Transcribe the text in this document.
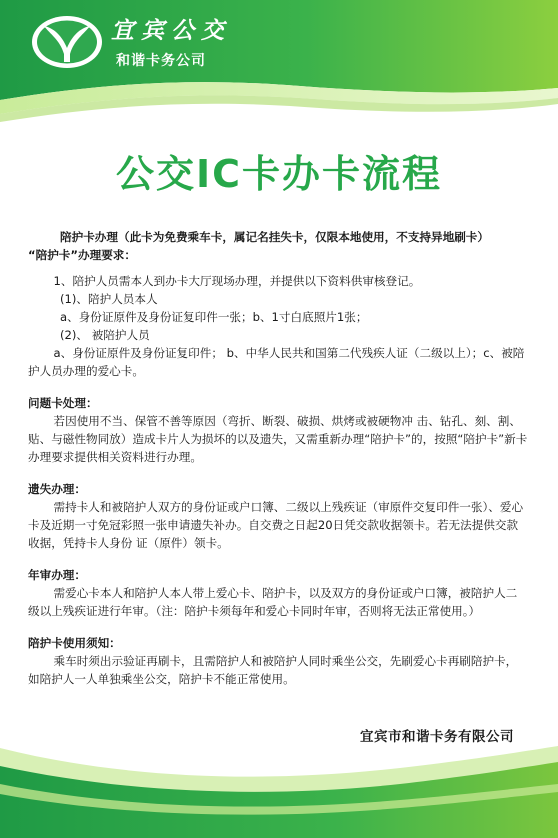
宜宾公交
和谐卡务公司
公交IC卡办卡流程

陪护卡办理（此卡为免费乘车卡，属记名挂失卡，仅限本地使用，不支持异地刷卡）

“陪护卡”办理要求：

1、陪护人员需本人到办卡大厅现场办理，并提供以下资料供审核登记。

(1)、陪护人员本人

a、身份证原件及身份证复印件一张；b、1寸白底照片1张；

(2)、 被陪护人员

a、身份证原件及身份证复印件； b、中华人民共和国第二代残疾人证（二级以上）；c、被陪护人员办理的爱心卡。

问题卡处理：

若因使用不当、保管不善等原因（弯折、断裂、破损、烘烤或被硬物冲 击、钻孔、刻、割、贴、与磁性物同放）造成卡片人为损坏的以及遗失，又需重新办理“陪护卡”的，按照“陪护卡”新卡办理要求提供相关资料进行办理。

遗失办理：

需持卡人和被陪护人双方的身份证或户口簿、二级以上残疾证（审原件交复印件一张）、爱心卡及近期一寸免冠彩照一张申请遗失补办。自交费之日起20日凭交款收据领卡。若无法提供交款收据，凭持卡人身份 证（原件）领卡。

年审办理：

需爱心卡本人和陪护人本人带上爱心卡、陪护卡，以及双方的身份证或户口簿，被陪护人二级以上残疾证进行年审。（注：陪护卡须每年和爱心卡同时年审，否则将无法正常使用。）

陪护卡使用须知：

乘车时须出示验证再刷卡，且需陪护人和被陪护人同时乘坐公交，先刷爱心卡再刷陪护卡，如陪护人一人单独乘坐公交，陪护卡不能正常使用。

宜宾市和谐卡务有限公司
